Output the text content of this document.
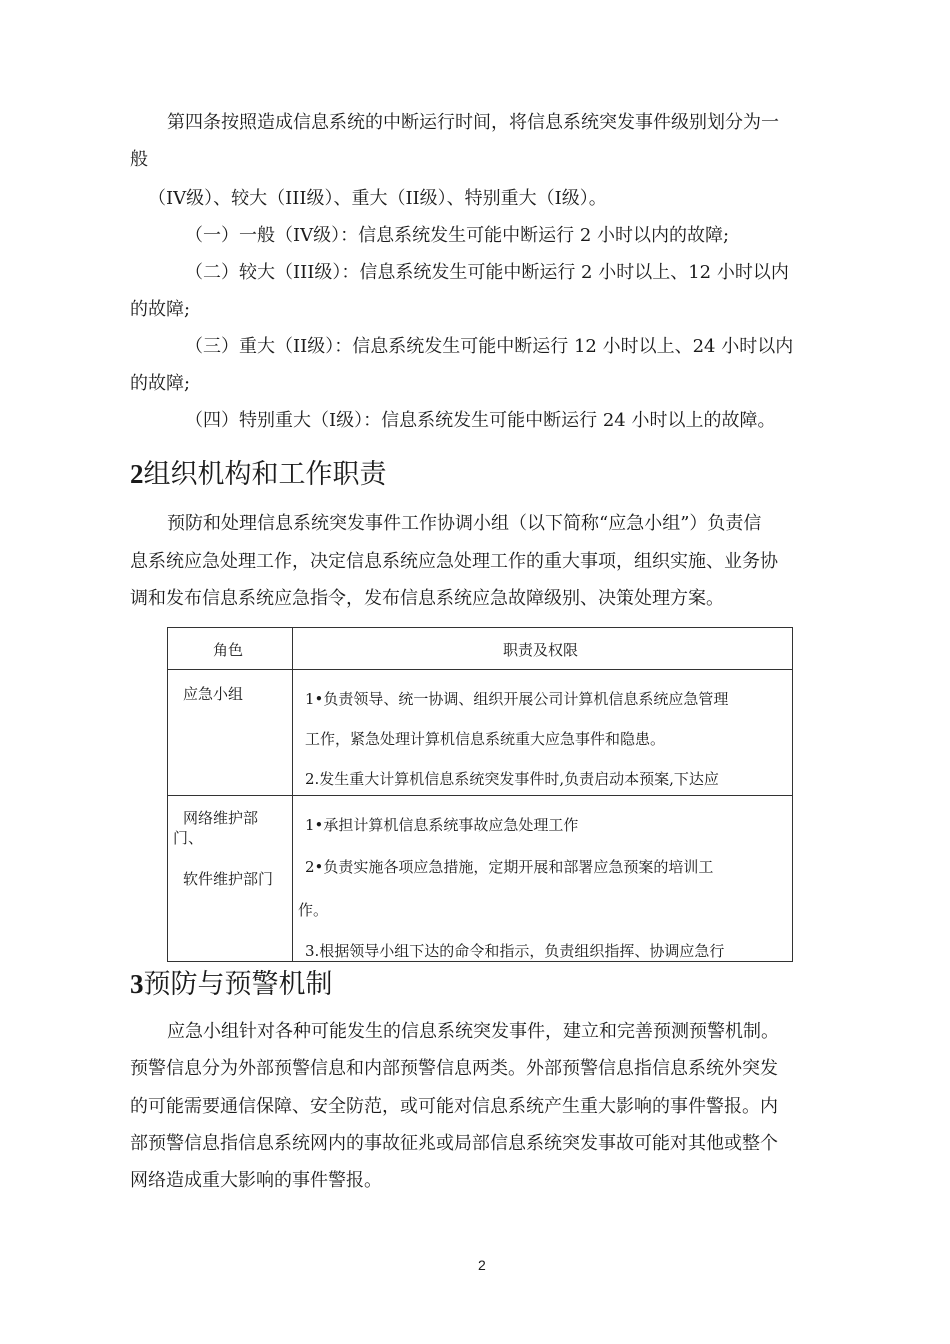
第四条按照造成信息系统的中断运行时间，将信息系统突发事件级别划分为一
般
（IV级）、较大（III级）、重大（II级）、特别重大（I级）。
（一）一般（IV级）：信息系统发生可能中断运行 2 小时以内的故障;
（二）较大（III级）：信息系统发生可能中断运行 2 小时以上、12 小时以内
的故障;
（三）重大（II级）：信息系统发生可能中断运行 12 小时以上、24 小时以内
的故障;
（四）特别重大（I级）：信息系统发生可能中断运行 24 小时以上的故障。
2组织机构和工作职责
预防和处理信息系统突发事件工作协调小组（以下简称“应急小组”）负责信
息系统应急处理工作，决定信息系统应急处理工作的重大事项，组织实施、业务协
调和发布信息系统应急指令，发布信息系统应急故障级别、决策处理方案。
角色	职责及权限
应急小组	1•负责领导、统一协调、组织开展公司计算机信息系统应急管理
工作，紧急处理计算机信息系统重大应急事件和隐患。
2.发生重大计算机信息系统突发事件时,负责启动本预案,下达应
网络维护部
门、
软件维护部门
1•承担计算机信息系统事故应急处理工作
2•负责实施各项应急措施，定期开展和部署应急预案的培训工
作。
3.根据领导小组下达的命令和指示，负责组织指挥、协调应急行
3预防与预警机制
应急小组针对各种可能发生的信息系统突发事件，建立和完善预测预警机制。
预警信息分为外部预警信息和内部预警信息两类。外部预警信息指信息系统外突发
的可能需要通信保障、安全防范，或可能对信息系统产生重大影响的事件警报。内
部预警信息指信息系统网内的事故征兆或局部信息系统突发事故可能对其他或整个
网络造成重大影响的事件警报。
2
